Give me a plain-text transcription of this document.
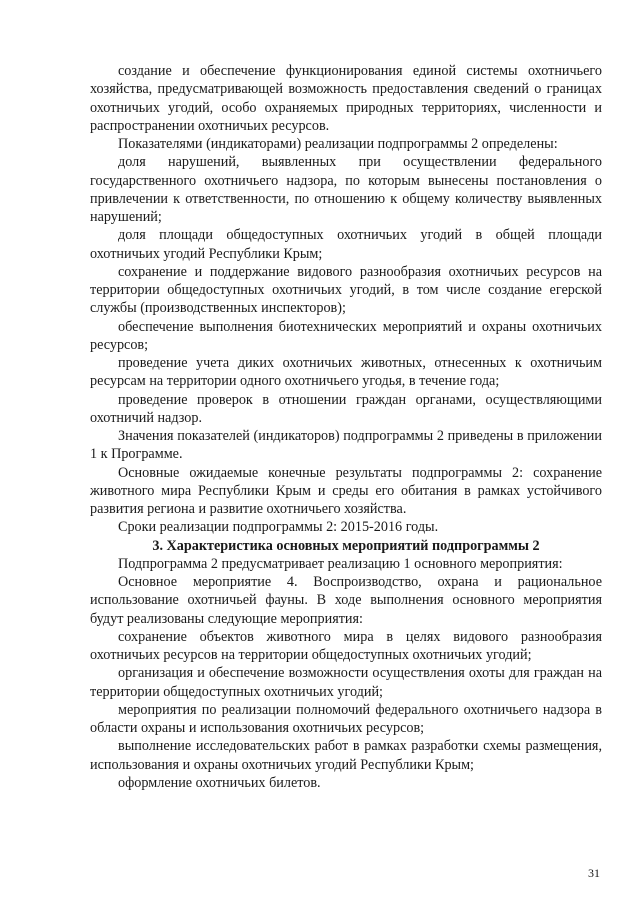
создание и обеспечение функционирования единой системы охотничьего хозяйства, предусматривающей возможность предоставления сведений о границах охотничьих угодий, особо охраняемых природных территориях, численности и распространении охотничьих ресурсов.

Показателями (индикаторами) реализации подпрограммы 2 определены:

доля нарушений, выявленных при осуществлении федерального государственного охотничьего надзора, по которым вынесены постановления о привлечении к ответственности, по отношению к общему количеству выявленных нарушений;

доля площади общедоступных охотничьих угодий в общей площади охотничьих угодий Республики Крым;

сохранение и поддержание видового разнообразия охотничьих ресурсов на территории общедоступных охотничьих угодий, в том числе создание егерской службы (производственных инспекторов);

обеспечение выполнения биотехнических мероприятий и охраны охотничьих ресурсов;

проведение учета диких охотничьих животных, отнесенных к охотничьим ресурсам на территории одного охотничьего угодья, в течение года;

проведение проверок в отношении граждан органами, осуществляющими охотничий надзор.

Значения показателей (индикаторов) подпрограммы 2 приведены в приложении 1 к Программе.

Основные ожидаемые конечные результаты подпрограммы 2: сохранение животного мира Республики Крым и среды его обитания в рамках устойчивого развития региона и развитие охотничьего хозяйства.

Сроки реализации подпрограммы 2: 2015-2016 годы.

3. Характеристика основных мероприятий подпрограммы 2

Подпрограмма 2 предусматривает реализацию 1 основного мероприятия:

Основное мероприятие 4. Воспроизводство, охрана и рациональное использование охотничьей фауны. В ходе выполнения основного мероприятия будут реализованы следующие мероприятия:

сохранение объектов животного мира в целях видового разнообразия охотничьих ресурсов на территории общедоступных охотничьих угодий;

организация и обеспечение возможности осуществления охоты для граждан на территории общедоступных охотничьих угодий;

мероприятия по реализации полномочий федерального охотничьего надзора в области охраны и использования охотничьих ресурсов;

выполнение исследовательских работ в рамках разработки схемы размещения, использования и охраны охотничьих угодий Республики Крым;

оформление охотничьих билетов.

31
